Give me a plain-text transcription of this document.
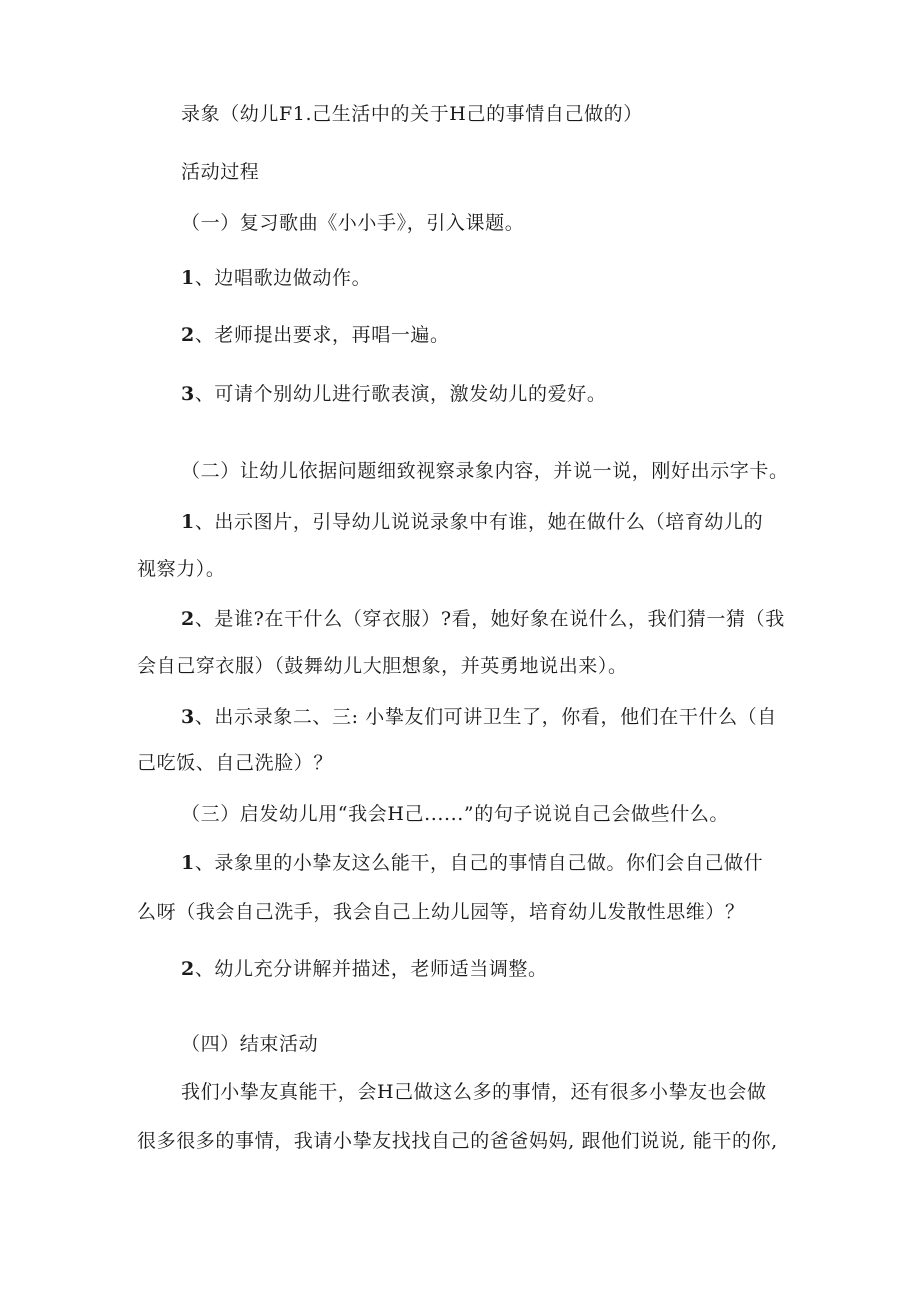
录象（幼儿F1.己生活中的关于H己的事情自己做的）
活动过程
（一）复习歌曲《小小手》，引入课题。
1、边唱歌边做动作。
2、老师提出要求，再唱一遍。
3、可请个别幼儿进行歌表演，激发幼儿的爱好。
（二）让幼儿依据问题细致视察录象内容，并说一说，刚好出示字卡。
1、出示图片，引导幼儿说说录象中有谁，她在做什么（培育幼儿的
视察力）。
2、是谁?在干什么（穿衣服）?看，她好象在说什么，我们猜一猜（我
会自己穿衣服）（鼓舞幼儿大胆想象，并英勇地说出来）。
3、出示录象二、三: 小挚友们可讲卫生了，你看，他们在干什么（自
己吃饭、自己洗脸）？
（三）启发幼儿用“我会H己......”的句子说说自己会做些什么。
1、录象里的小挚友这么能干，自己的事情自己做。你们会自己做什
么呀（我会自己洗手，我会自己上幼儿园等，培育幼儿发散性思维）？
2、幼儿充分讲解并描述，老师适当调整。
（四）结束活动
我们小挚友真能干，会H己做这么多的事情，还有很多小挚友也会做
很多很多的事情，我请小挚友找找自己的爸爸妈妈, 跟他们说说, 能干的你,
